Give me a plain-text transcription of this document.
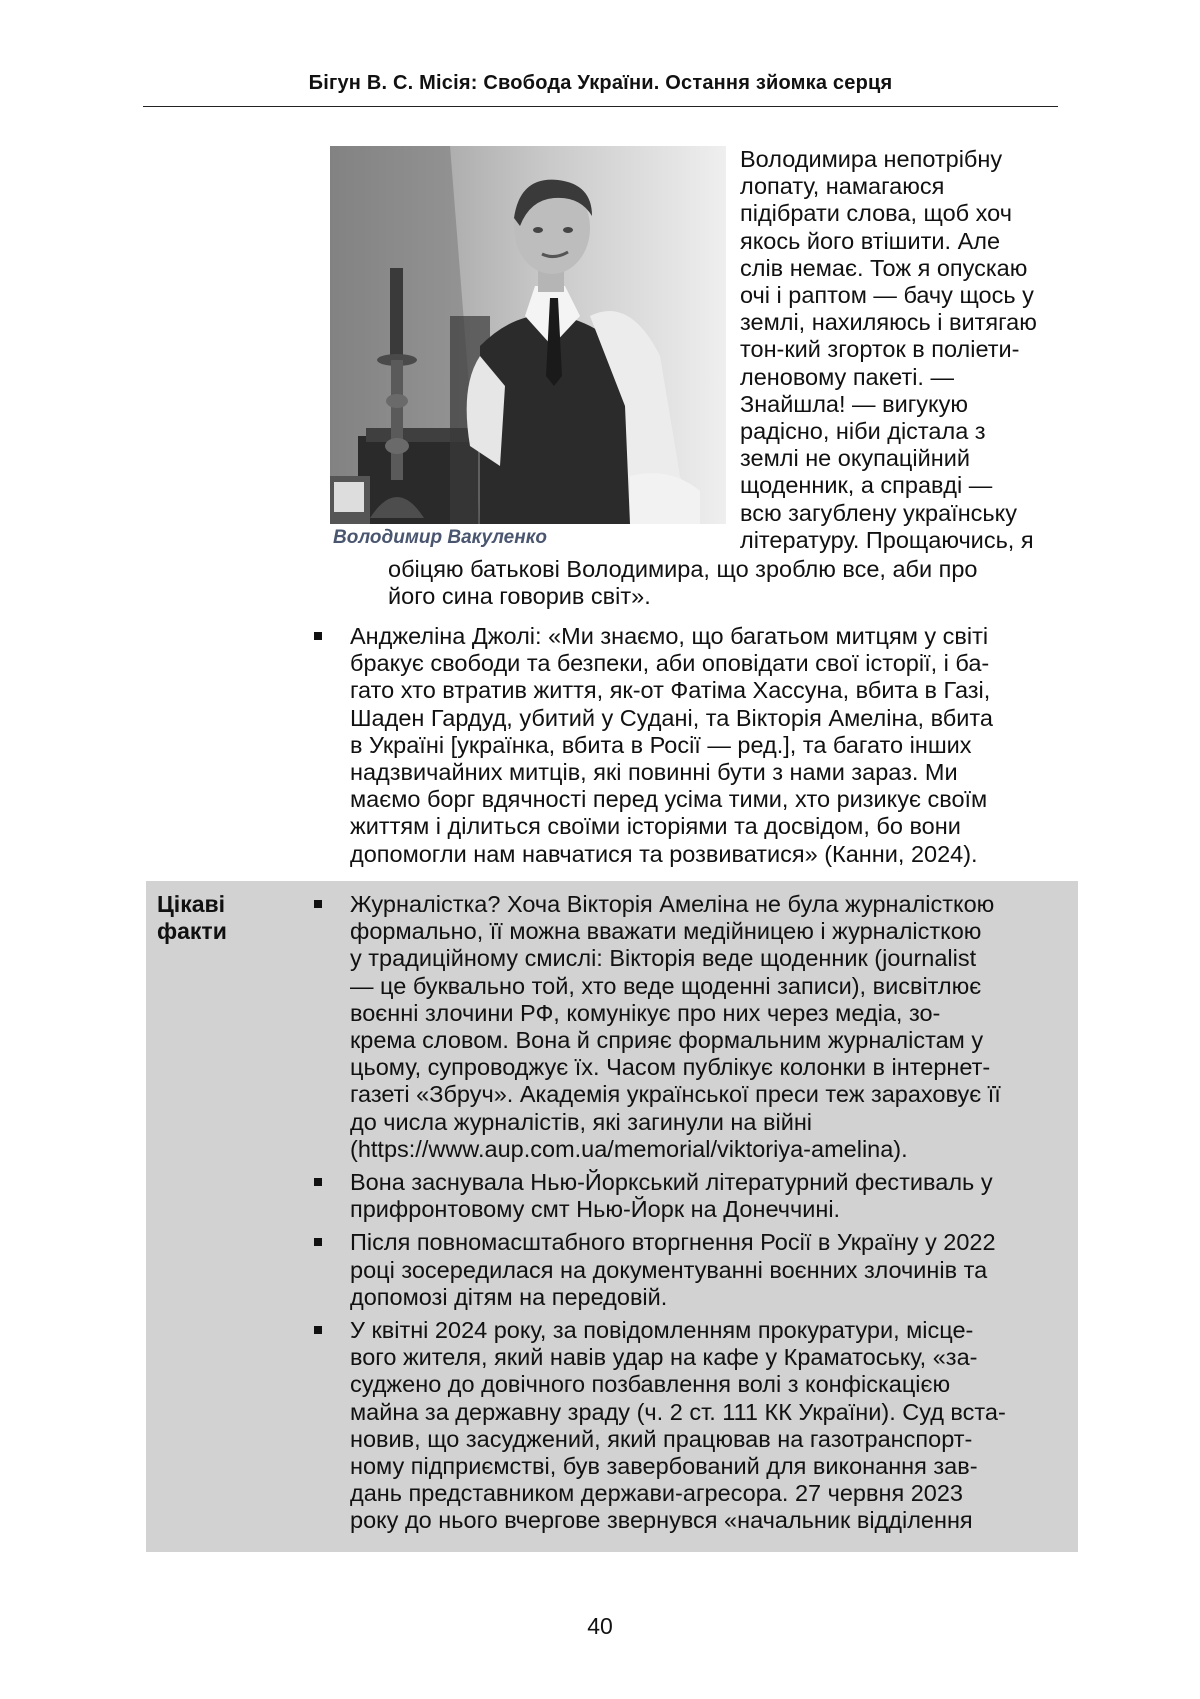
Бігун В. С. Місія: Свобода України. Остання зйомка серця
Володимир Вакуленко
Володимира непотрібну
лопату, намагаюся
підібрати слова, щоб хоч
якось його втішити. Але
слів немає. Тож я опускаю
очі і раптом — бачу щось у
землі, нахиляюсь і витягаю
тон-кий згорток в поліети-
леновому пакеті. —
Знайшла! — вигукую
радісно, ніби дістала з
землі не окупаційний
щоденник, а справді —
всю загублену українську
літературу. Прощаючись, я
обіцяю батькові Володимира, що зроблю все, аби про
його сина говорив світ».
Анджеліна Джолі: «Ми знаємо, що багатьом митцям у світі
бракує свободи та безпеки, аби оповідати свої історії, і ба-
гато хто втратив життя, як-от Фатіма Хассуна, вбита в Газі,
Шаден Гардуд, убитий у Судані, та Вікторія Амеліна, вбита
в Україні [українка, вбита в Росії — ред.], та багато інших
надзвичайних митців, які повинні бути з нами зараз. Ми
маємо борг вдячності перед усіма тими, хто ризикує своїм
життям і ділиться своїми історіями та досвідом, бо вони
допомогли нам навчатися та розвиватися» (Канни, 2024).
Цікаві
факти
Журналістка? Хоча Вікторія Амеліна не була журналісткою
формально, її можна вважати медійницею і журналісткою
у традиційному смислі: Вікторія веде щоденник (journalist
— це буквально той, хто веде щоденні записи), висвітлює
воєнні злочини РФ, комунікує про них через медіа, зо-
крема словом. Вона й сприяє формальним журналістам у
цьому, супроводжує їх. Часом публікує колонки в інтернет-
газеті «Збруч». Академія української преси теж зараховує її
до числа журналістів, які загинули на війні
(https://www.aup.com.ua/memorial/viktoriya-amelina).
Вона заснувала Нью-Йоркський літературний фестиваль у
прифронтовому смт Нью-Йорк на Донеччині.
Після повномасштабного вторгнення Росії в Україну у 2022
році зосередилася на документуванні воєнних злочинів та
допомозі дітям на передовій.
У квітні 2024 року, за повідомленням прокуратури, місце-
вого жителя, який навів удар на кафе у Краматоську, «за-
суджено до довічного позбавлення волі з конфіскацією
майна за державну зраду (ч. 2 ст. 111 КК України). Суд вста-
новив, що засуджений, який працював на газотранспорт-
ному підприємстві, був завербований для виконання зав-
дань представником держави-агресора. 27 червня 2023
року до нього вчергове звернувся «начальник відділення
40
